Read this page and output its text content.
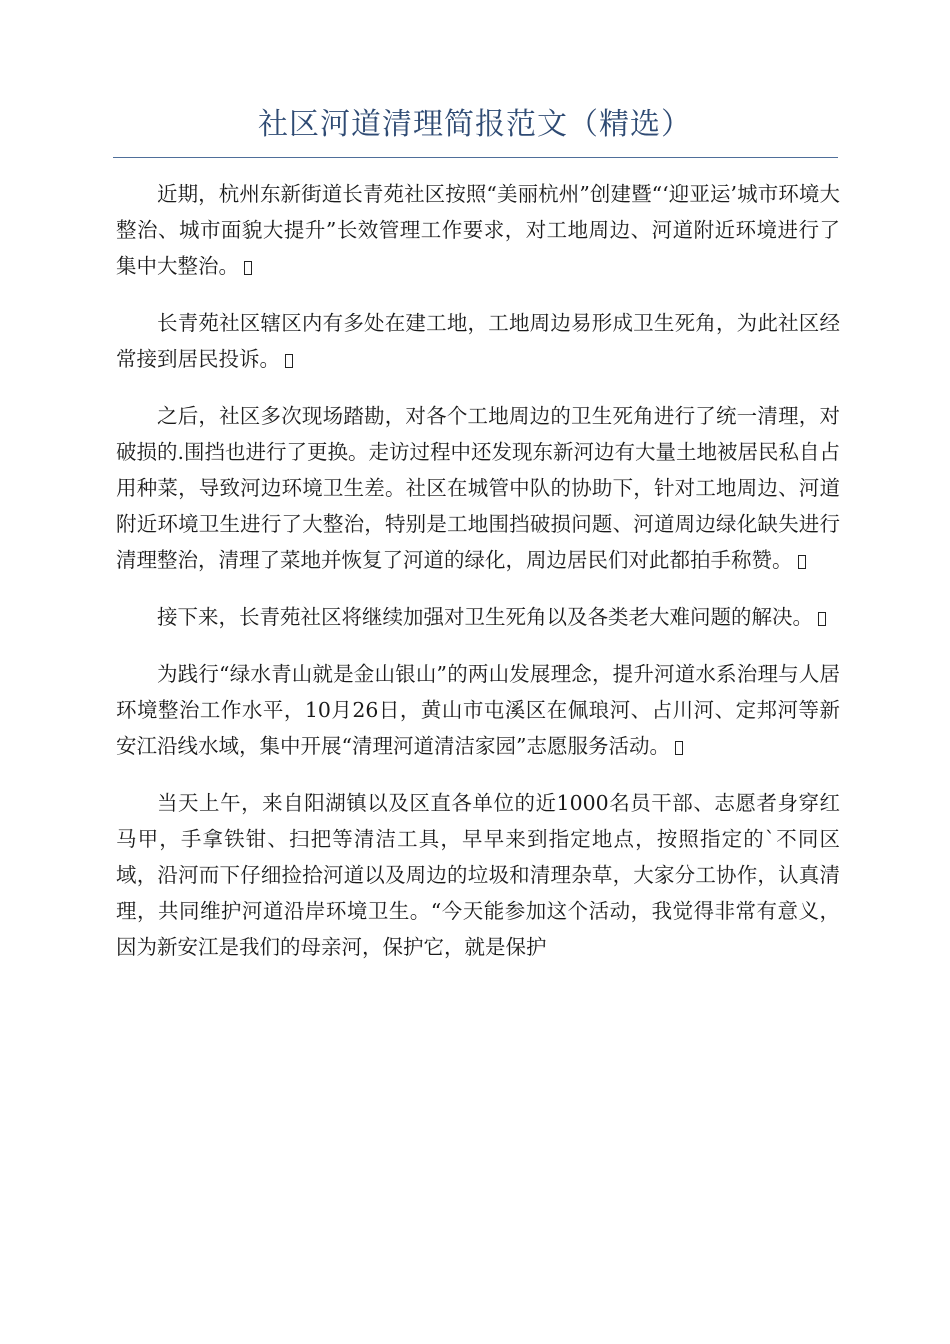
社区河道清理简报范文（精选）

近期，杭州东新街道长青苑社区按照“美丽杭州”创建暨“‘迎亚运’城市环境大整治、城市面貌大提升”长效管理工作要求，对工地周边、河道附近环境进行了集中大整治。

长青苑社区辖区内有多处在建工地，工地周边易形成卫生死角，为此社区经常接到居民投诉。

之后，社区多次现场踏勘，对各个工地周边的卫生死角进行了统一清理，对破损的.围挡也进行了更换。走访过程中还发现东新河边有大量土地被居民私自占用种菜，导致河边环境卫生差。社区在城管中队的协助下，针对工地周边、河道附近环境卫生进行了大整治，特别是工地围挡破损问题、河道周边绿化缺失进行清理整治，清理了菜地并恢复了河道的绿化，周边居民们对此都拍手称赞。

接下来，长青苑社区将继续加强对卫生死角以及各类老大难问题的解决。

为践行“绿水青山就是金山银山”的两山发展理念，提升河道水系治理与人居环境整治工作水平，10月26日，黄山市屯溪区在佩琅河、占川河、定邦河等新安江沿线水域，集中开展“清理河道清洁家园”志愿服务活动。

当天上午，来自阳湖镇以及区直各单位的近1000名员干部、志愿者身穿红马甲，手拿铁钳、扫把等清洁工具，早早来到指定地点，按照指定的`不同区域，沿河而下仔细捡拾河道以及周边的垃圾和清理杂草，大家分工协作，认真清理，共同维护河道沿岸环境卫生。“今天能参加这个活动，我觉得非常有意义，因为新安江是我们的母亲河，保护它，就是保护
